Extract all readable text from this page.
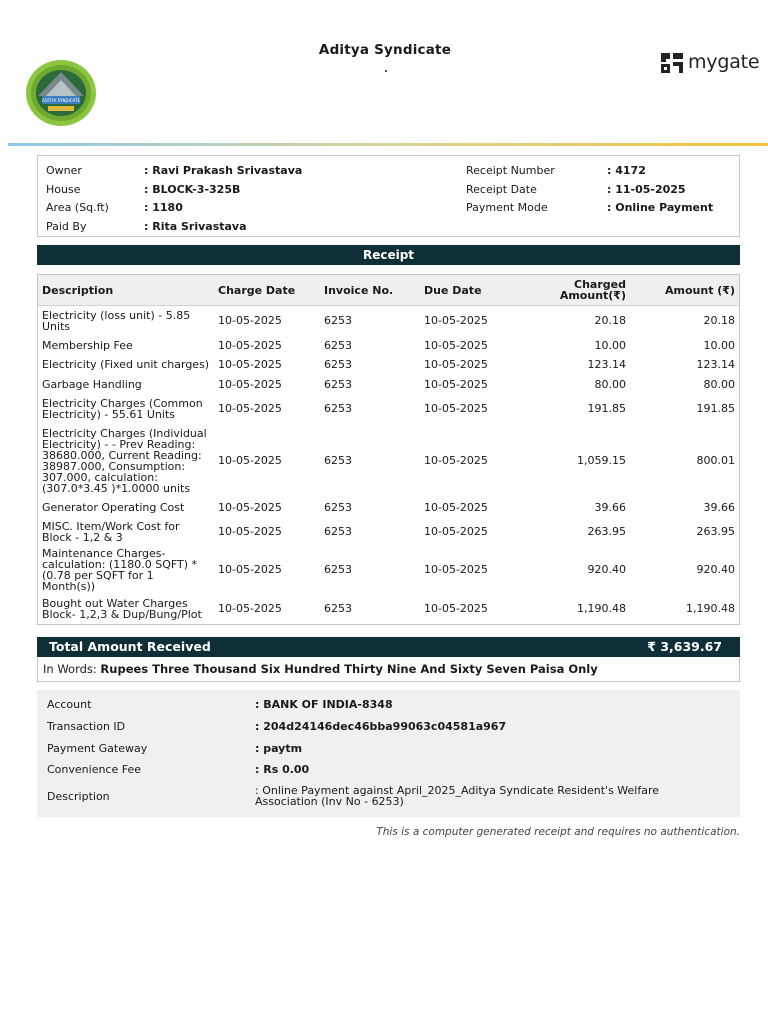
ADITYA SYNDICATE
Aditya Syndicate
mygate
Owner	: Ravi Prakash Srivastava
House	: BLOCK-3-325B
Area (Sq.ft)	: 1180
Paid By	: Rita Srivastava
Receipt Number	: 4172
Receipt Date	: 11-05-2025
Payment Mode	: Online Payment
Receipt
Description	Charge Date	Invoice No.	Due Date	Charged Amount(₹)	Amount (₹)
Electricity (loss unit) - 5.85 Units	10-05-2025	6253	10-05-2025	20.18	20.18
Membership Fee	10-05-2025	6253	10-05-2025	10.00	10.00
Electricity (Fixed unit charges)	10-05-2025	6253	10-05-2025	123.14	123.14
Garbage Handling	10-05-2025	6253	10-05-2025	80.00	80.00
Electricity Charges (Common Electricity) - 55.61 Units	10-05-2025	6253	10-05-2025	191.85	191.85
Electricity Charges (Individual Electricity) - - Prev Reading: 38680.000, Current Reading: 38987.000, Consumption: 307.000, calculation: (307.0*3.45 )*1.0000 units	10-05-2025	6253	10-05-2025	1,059.15	800.01
Generator Operating Cost	10-05-2025	6253	10-05-2025	39.66	39.66
MISC. Item/Work Cost for Block - 1,2 & 3	10-05-2025	6253	10-05-2025	263.95	263.95
Maintenance Charges-calculation: (1180.0 SQFT) * (0.78 per SQFT for 1 Month(s))	10-05-2025	6253	10-05-2025	920.40	920.40
Bought out Water Charges Block- 1,2,3 & Dup/Bung/Plot	10-05-2025	6253	10-05-2025	1,190.48	1,190.48
Total Amount Received	₹ 3,639.67
In Words: Rupees Three Thousand Six Hundred Thirty Nine And Sixty Seven Paisa Only
Account	: BANK OF INDIA-8348
Transaction ID	: 204d24146dec46bba99063c04581a967
Payment Gateway	: paytm
Convenience Fee	: Rs 0.00
Description	: Online Payment against April_2025_Aditya Syndicate Resident's Welfare Association (Inv No - 6253)
This is a computer generated receipt and requires no authentication.
